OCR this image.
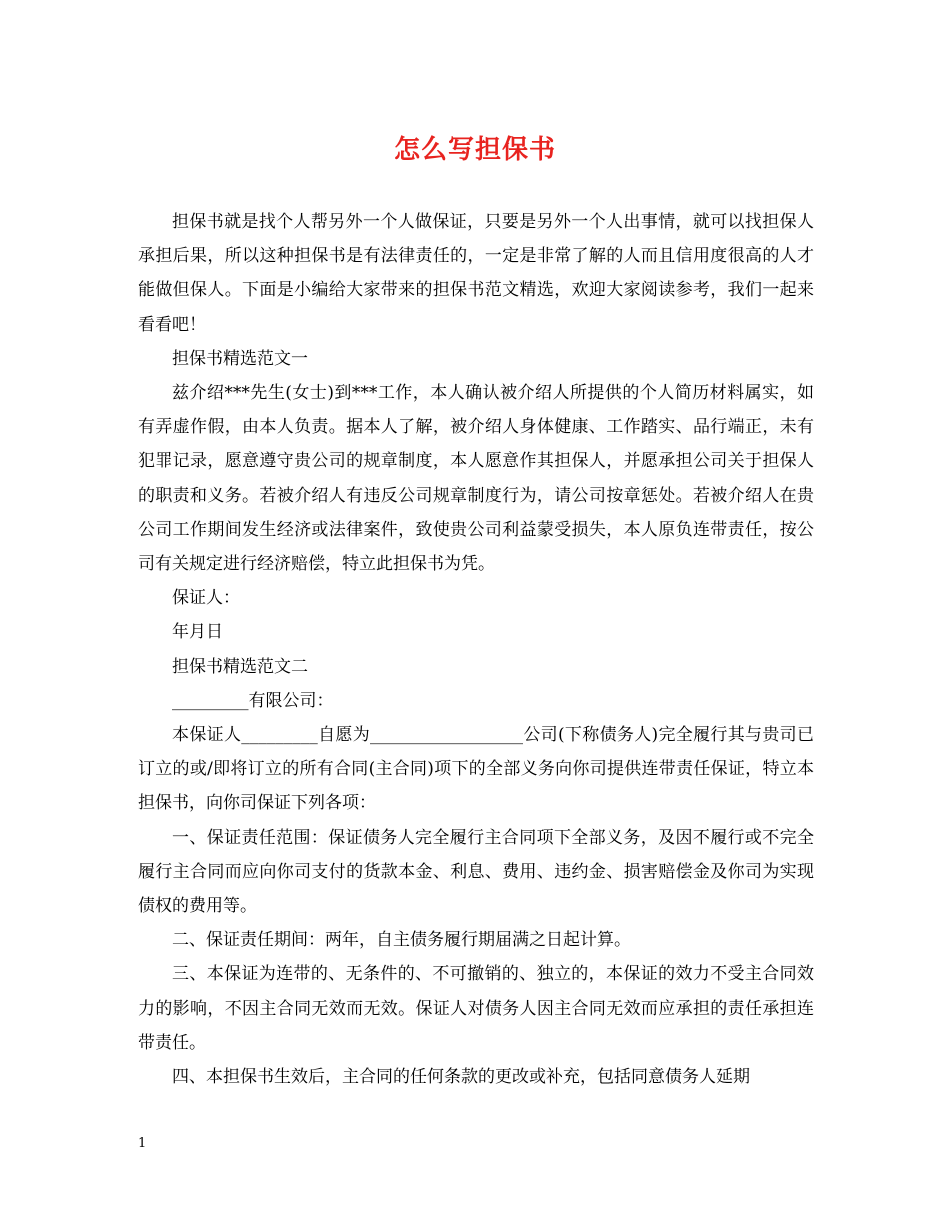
怎么写担保书

担保书就是找个人帮另外一个人做保证，只要是另外一个人出事情，就可以找担保人承担后果，所以这种担保书是有法律责任的，一定是非常了解的人而且信用度很高的人才能做但保人。下面是小编给大家带来的担保书范文精选，欢迎大家阅读参考，我们一起来看看吧！

担保书精选范文一

兹介绍***先生(女士)到***工作，本人确认被介绍人所提供的个人简历材料属实，如有弄虚作假，由本人负责。据本人了解，被介绍人身体健康、工作踏实、品行端正，未有犯罪记录，愿意遵守贵公司的规章制度，本人愿意作其担保人，并愿承担公司关于担保人的职责和义务。若被介绍人有违反公司规章制度行为，请公司按章惩处。若被介绍人在贵公司工作期间发生经济或法律案件，致使贵公司利益蒙受损失，本人原负连带责任，按公司有关规定进行经济赔偿，特立此担保书为凭。

保证人：

年月日

担保书精选范文二

_________有限公司：

本保证人_________自愿为__________________公司(下称债务人)完全履行其与贵司已订立的或/即将订立的所有合同(主合同)项下的全部义务向你司提供连带责任保证，特立本担保书，向你司保证下列各项：

一、保证责任范围：保证债务人完全履行主合同项下全部义务，及因不履行或不完全履行主合同而应向你司支付的货款本金、利息、费用、违约金、损害赔偿金及你司为实现债权的费用等。

二、保证责任期间：两年，自主债务履行期届满之日起计算。

三、本保证为连带的、无条件的、不可撤销的、独立的，本保证的效力不受主合同效力的影响，不因主合同无效而无效。保证人对债务人因主合同无效而应承担的责任承担连带责任。

四、本担保书生效后，主合同的任何条款的更改或补充，包括同意债务人延期

1
